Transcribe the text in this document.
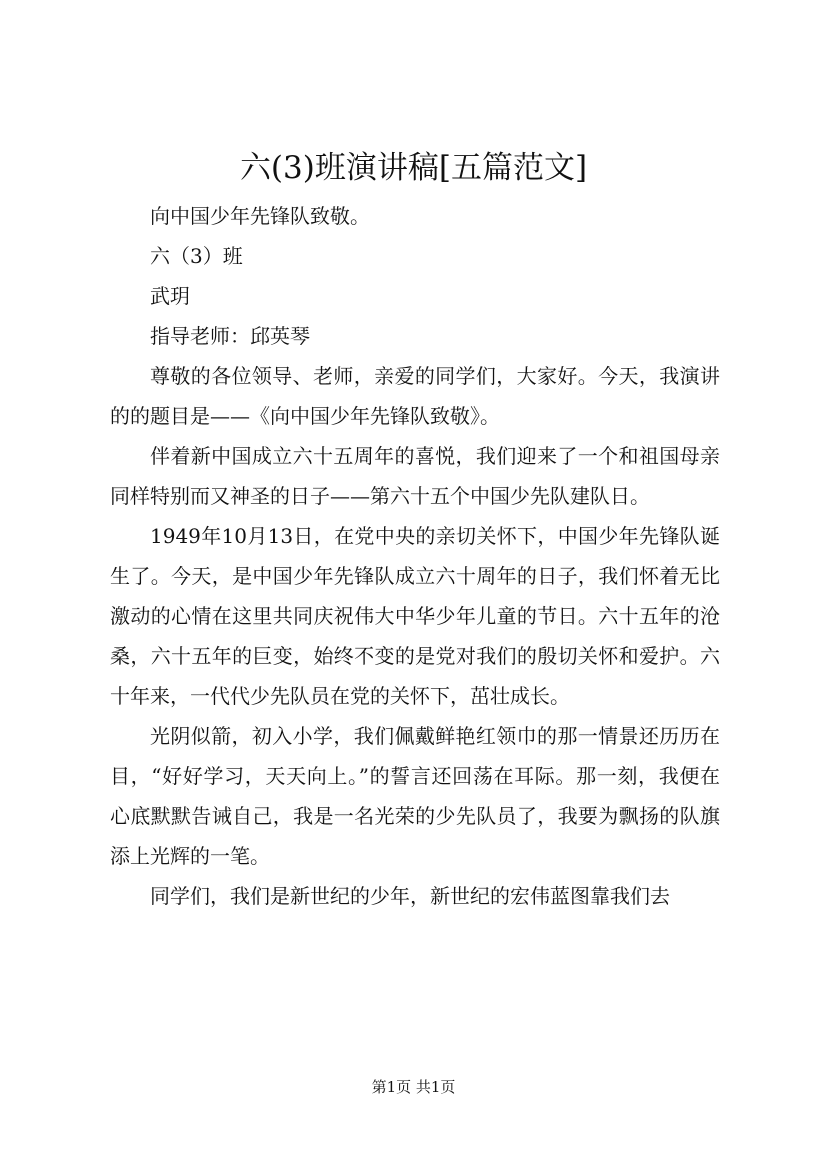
六(3)班演讲稿[五篇范文]

向中国少年先锋队致敬。

六（3）班

武玥

指导老师：邱英琴

尊敬的各位领导、老师，亲爱的同学们，大家好。今天，我演讲的的题目是——《向中国少年先锋队致敬》。

伴着新中国成立六十五周年的喜悦，我们迎来了一个和祖国母亲同样特别而又神圣的日子——第六十五个中国少先队建队日。

1949年10月13日，在党中央的亲切关怀下，中国少年先锋队诞生了。今天，是中国少年先锋队成立六十周年的日子，我们怀着无比激动的心情在这里共同庆祝伟大中华少年儿童的节日。六十五年的沧桑，六十五年的巨变，始终不变的是党对我们的殷切关怀和爱护。六十年来，一代代少先队员在党的关怀下，茁壮成长。

光阴似箭，初入小学，我们佩戴鲜艳红领巾的那一情景还历历在目，“好好学习，天天向上。”的誓言还回荡在耳际。那一刻，我便在心底默默告诫自己，我是一名光荣的少先队员了，我要为飘扬的队旗添上光辉的一笔。

同学们，我们是新世纪的少年，新世纪的宏伟蓝图靠我们去

第1页 共1页
